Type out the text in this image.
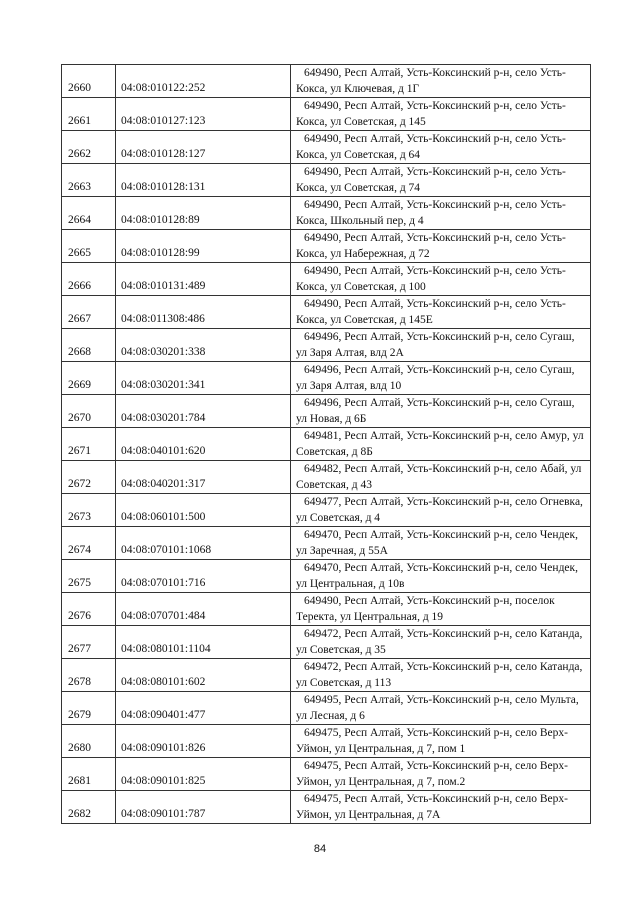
2660	04:08:010122:252	649490, Респ Алтай, Усть-Коксинский р-н, село Усть-Кокса, ул Ключевая, д 1Г
2661	04:08:010127:123	649490, Респ Алтай, Усть-Коксинский р-н, село Усть-Кокса, ул Советская, д 145
2662	04:08:010128:127	649490, Респ Алтай, Усть-Коксинский р-н, село Усть-Кокса, ул Советская, д 64
2663	04:08:010128:131	649490, Респ Алтай, Усть-Коксинский р-н, село Усть-Кокса, ул Советская, д 74
2664	04:08:010128:89	649490, Респ Алтай, Усть-Коксинский р-н, село Усть-Кокса, Школьный пер, д 4
2665	04:08:010128:99	649490, Респ Алтай, Усть-Коксинский р-н, село Усть-Кокса, ул Набережная, д 72
2666	04:08:010131:489	649490, Респ Алтай, Усть-Коксинский р-н, село Усть-Кокса, ул Советская, д 100
2667	04:08:011308:486	649490, Респ Алтай, Усть-Коксинский р-н, село Усть-Кокса, ул Советская, д 145Е
2668	04:08:030201:338	649496, Респ Алтай, Усть-Коксинский р-н, село Сугаш, ул Заря Алтая, влд 2А
2669	04:08:030201:341	649496, Респ Алтай, Усть-Коксинский р-н, село Сугаш, ул Заря Алтая, влд 10
2670	04:08:030201:784	649496, Респ Алтай, Усть-Коксинский р-н, село Сугаш, ул Новая, д 6Б
2671	04:08:040101:620	649481, Респ Алтай, Усть-Коксинский р-н, село Амур, ул Советская, д 8Б
2672	04:08:040201:317	649482, Респ Алтай, Усть-Коксинский р-н, село Абай, ул Советская, д 43
2673	04:08:060101:500	649477, Респ Алтай, Усть-Коксинский р-н, село Огневка, ул Советская, д 4
2674	04:08:070101:1068	649470, Респ Алтай, Усть-Коксинский р-н, село Чендек, ул Заречная, д 55А
2675	04:08:070101:716	649470, Респ Алтай, Усть-Коксинский р-н, село Чендек, ул Центральная, д 10в
2676	04:08:070701:484	649490, Респ Алтай, Усть-Коксинский р-н, поселок Теректа, ул Центральная, д 19
2677	04:08:080101:1104	649472, Респ Алтай, Усть-Коксинский р-н, село Катанда, ул Советская, д 35
2678	04:08:080101:602	649472, Респ Алтай, Усть-Коксинский р-н, село Катанда, ул Советская, д 113
2679	04:08:090401:477	649495, Респ Алтай, Усть-Коксинский р-н, село Мульта, ул Лесная, д 6
2680	04:08:090101:826	649475, Респ Алтай, Усть-Коксинский р-н, село Верх-Уймон, ул Центральная, д 7, пом 1
2681	04:08:090101:825	649475, Респ Алтай, Усть-Коксинский р-н, село Верх-Уймон, ул Центральная, д 7, пом.2
2682	04:08:090101:787	649475, Респ Алтай, Усть-Коксинский р-н, село Верх-Уймон, ул Центральная, д 7А
84
